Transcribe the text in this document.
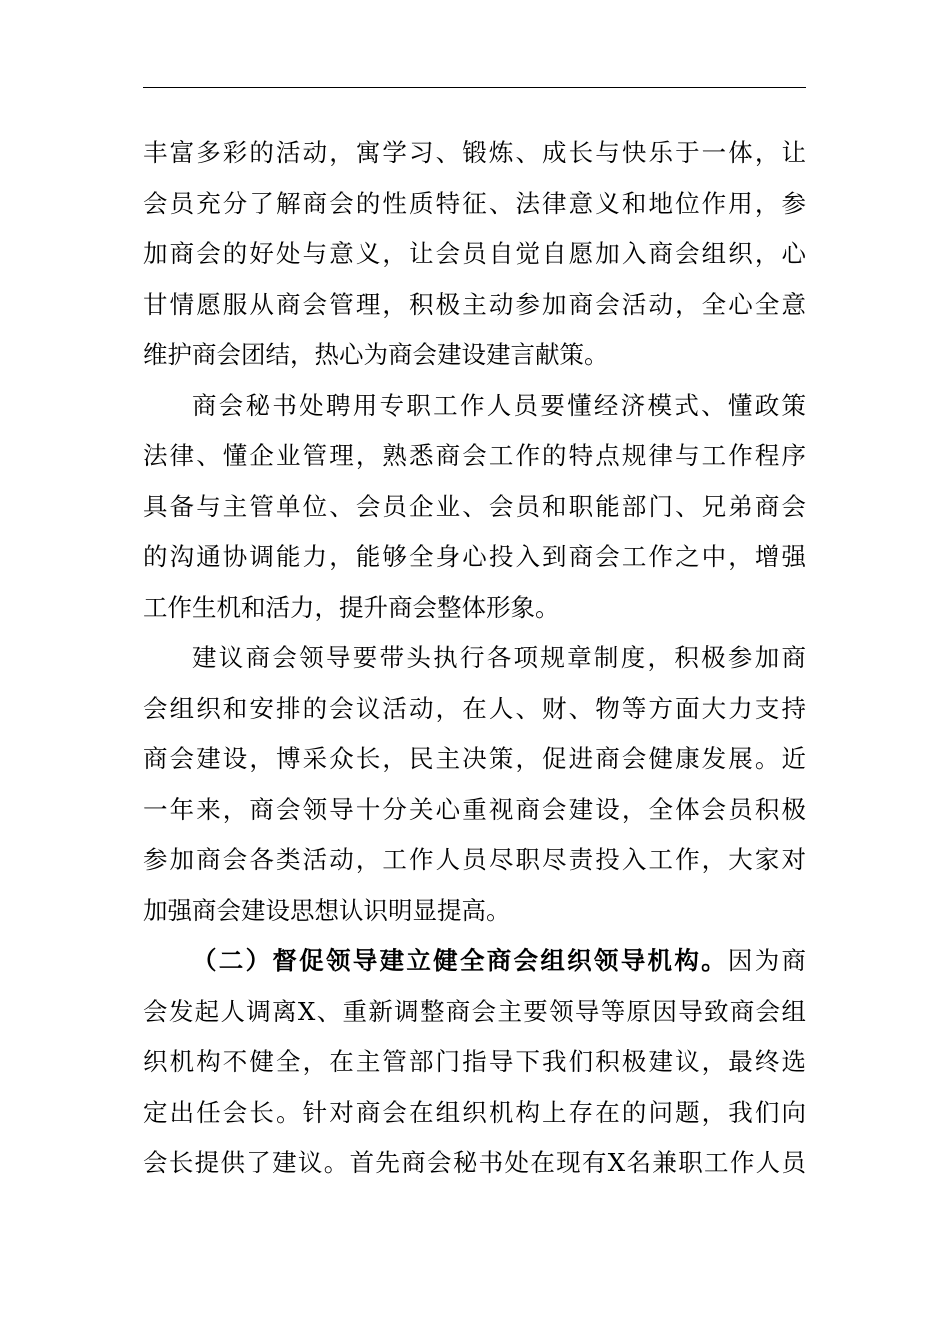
丰富多彩的活动，寓学习、锻炼、成长与快乐于一体，让
会员充分了解商会的性质特征、法律意义和地位作用，参
加商会的好处与意义，让会员自觉自愿加入商会组织，心
甘情愿服从商会管理，积极主动参加商会活动，全心全意
维护商会团结，热心为商会建设建言献策。
商会秘书处聘用专职工作人员要懂经济模式、懂政策
法律、懂企业管理，熟悉商会工作的特点规律与工作程序
具备与主管单位、会员企业、会员和职能部门、兄弟商会
的沟通协调能力，能够全身心投入到商会工作之中，增强
工作生机和活力，提升商会整体形象。
建议商会领导要带头执行各项规章制度，积极参加商
会组织和安排的会议活动，在人、财、物等方面大力支持
商会建设，博采众长，民主决策，促进商会健康发展。近
一年来，商会领导十分关心重视商会建设，全体会员积极
参加商会各类活动，工作人员尽职尽责投入工作，大家对
加强商会建设思想认识明显提高。
（二）督促领导建立健全商会组织领导机构。因为商
会发起人调离X、重新调整商会主要领导等原因导致商会组
织机构不健全，在主管部门指导下我们积极建议，最终选
定出任会长。针对商会在组织机构上存在的问题，我们向
会长提供了建议。首先商会秘书处在现有X名兼职工作人员
